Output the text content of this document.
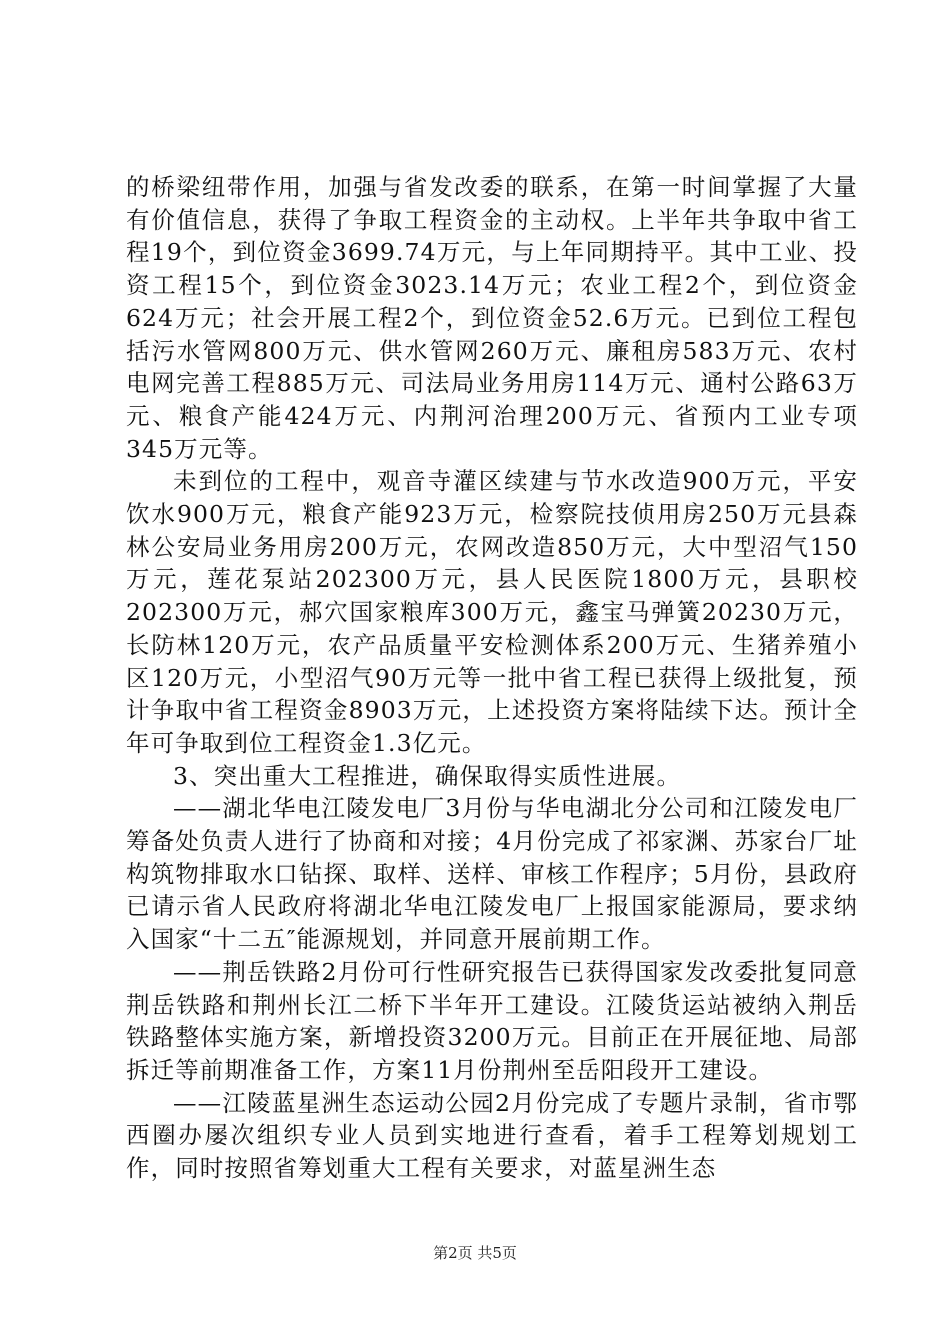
的桥梁纽带作用，加强与省发改委的联系，在第一时间掌握了大量有价值信息，获得了争取工程资金的主动权。上半年共争取中省工程19个，到位资金3699.74万元，与上年同期持平。其中工业、投资工程15个，到位资金3023.14万元；农业工程2个，到位资金624万元；社会开展工程2个，到位资金52.6万元。已到位工程包括污水管网800万元、供水管网260万元、廉租房583万元、农村电网完善工程885万元、司法局业务用房114万元、通村公路63万元、粮食产能424万元、内荆河治理200万元、省预内工业专项345万元等。

未到位的工程中，观音寺灌区续建与节水改造900万元，平安饮水900万元，粮食产能923万元，检察院技侦用房250万元县森林公安局业务用房200万元，农网改造850万元，大中型沼气150万元，莲花泵站202300万元，县人民医院1800万元，县职校202300万元，郝穴国家粮库300万元，鑫宝马弹簧20230万元，长防林120万元，农产品质量平安检测体系200万元、生猪养殖小区120万元，小型沼气90万元等一批中省工程已获得上级批复，预计争取中省工程资金8903万元，上述投资方案将陆续下达。预计全年可争取到位工程资金1.3亿元。

3、突出重大工程推进，确保取得实质性进展。

——湖北华电江陵发电厂3月份与华电湖北分公司和江陵发电厂筹备处负责人进行了协商和对接；4月份完成了祁家渊、苏家台厂址构筑物排取水口钻探、取样、送样、审核工作程序；5月份，县政府已请示省人民政府将湖北华电江陵发电厂上报国家能源局，要求纳入国家“十二五″能源规划，并同意开展前期工作。

——荆岳铁路2月份可行性研究报告已获得国家发改委批复同意荆岳铁路和荆州长江二桥下半年开工建设。江陵货运站被纳入荆岳铁路整体实施方案，新增投资3200万元。目前正在开展征地、局部拆迁等前期准备工作，方案11月份荆州至岳阳段开工建设。

——江陵蓝星洲生态运动公园2月份完成了专题片录制，省市鄂西圈办屡次组织专业人员到实地进行查看，着手工程筹划规划工作，同时按照省筹划重大工程有关要求，对蓝星洲生态

第2页 共5页
